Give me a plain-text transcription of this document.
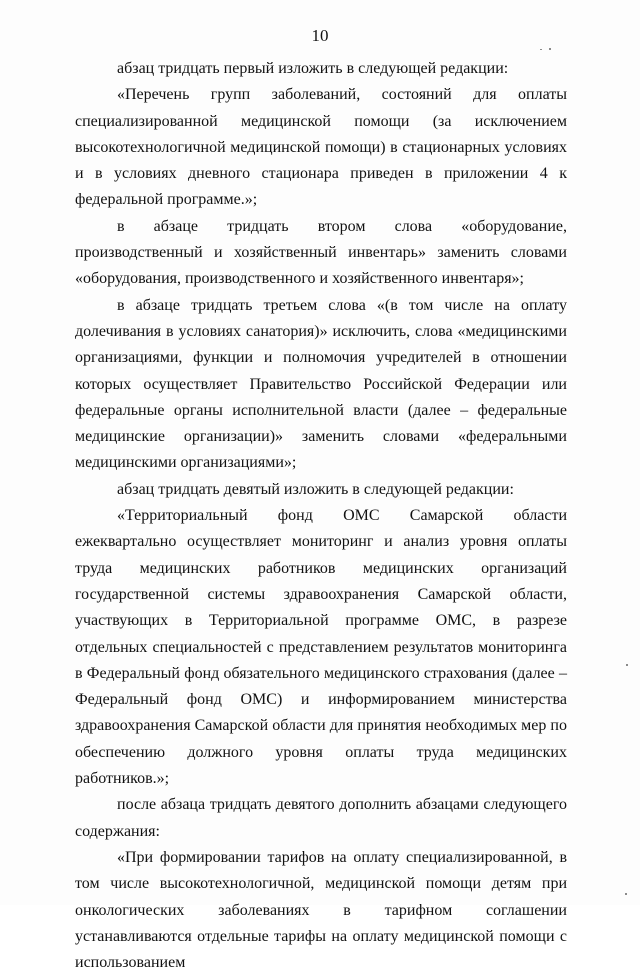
10

абзац тридцать первый изложить в следующей редакции:

«Перечень групп заболеваний, состояний для оплаты специализированной медицинской помощи (за исключением высокотехнологичной медицинской помощи) в стационарных условиях и в условиях дневного стационара приведен в приложении 4 к федеральной программе.»;

в абзаце тридцать втором слова «оборудование, производственный и хозяйственный инвентарь» заменить словами «оборудования, производственного и хозяйственного инвентаря»;

в абзаце тридцать третьем слова «(в том числе на оплату долечивания в условиях санатория)» исключить, слова «медицинскими организациями, функции и полномочия учредителей в отношении которых осуществляет Правительство Российской Федерации или федеральные органы исполнительной власти (далее – федеральные медицинские организации)» заменить словами «федеральными медицинскими организациями»;

абзац тридцать девятый изложить в следующей редакции:

«Территориальный фонд ОМС Самарской области ежеквартально осуществляет мониторинг и анализ уровня оплаты труда медицинских работников медицинских организаций государственной системы здравоохранения Самарской области, участвующих в Территориальной программе ОМС, в разрезе отдельных специальностей с представлением результатов мониторинга в Федеральный фонд обязательного медицинского страхования (далее – Федеральный фонд ОМС) и информированием министерства здравоохранения Самарской области для принятия необходимых мер по обеспечению должного уровня оплаты труда медицинских работников.»;

после абзаца тридцать девятого дополнить абзацами следующего содержания:

«При формировании тарифов на оплату специализированной, в том числе высокотехнологичной, медицинской помощи детям при онкологических заболеваниях в тарифном соглашении устанавливаются отдельные тарифы на оплату медицинской помощи с использованием
